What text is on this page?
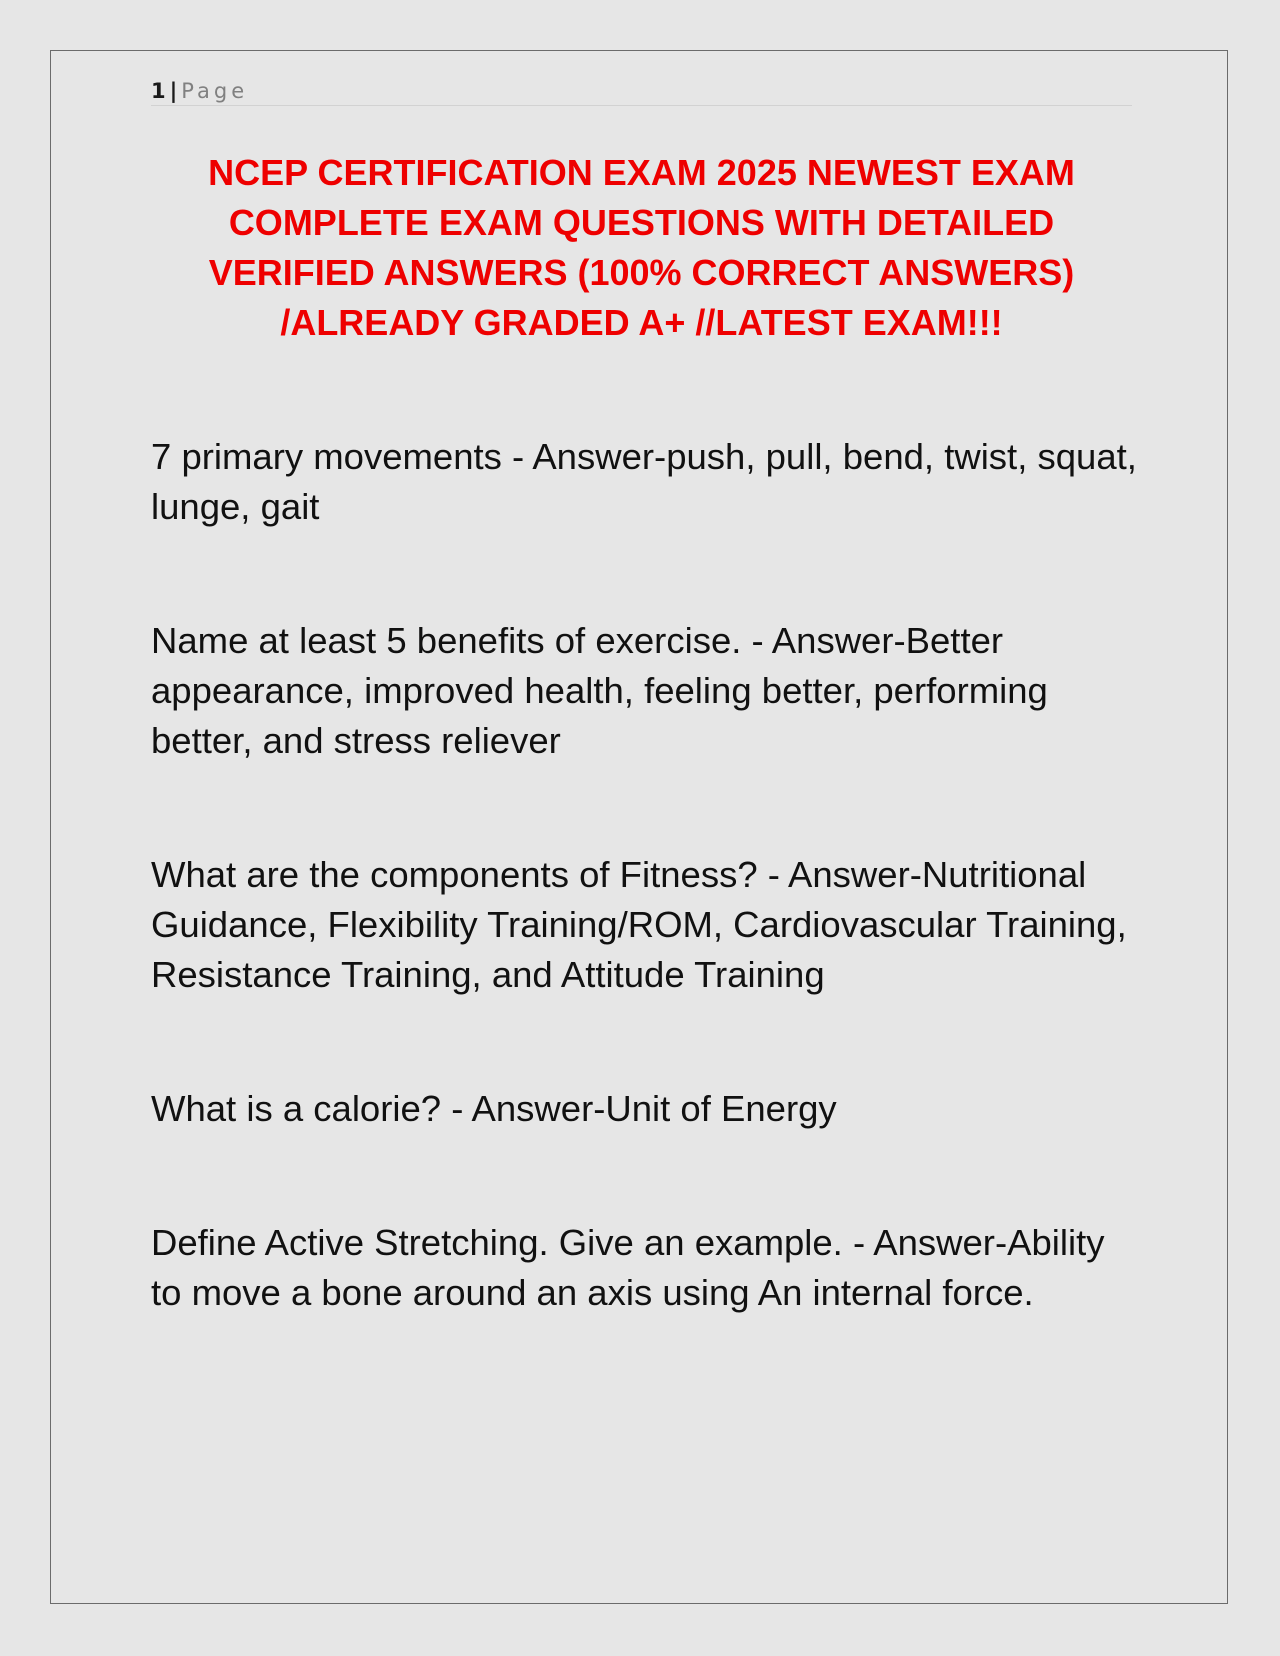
1 | Page
NCEP CERTIFICATION EXAM 2025 NEWEST EXAM COMPLETE EXAM QUESTIONS WITH DETAILED VERIFIED ANSWERS (100% CORRECT ANSWERS) /ALREADY GRADED A+ //LATEST EXAM!!!

7 primary movements - Answer-push, pull, bend, twist, squat, lunge, gait

Name at least 5 benefits of exercise. - Answer-Better appearance, improved health, feeling better, performing better, and stress reliever

What are the components of Fitness? - Answer-Nutritional Guidance, Flexibility Training/ROM, Cardiovascular Training, Resistance Training, and Attitude Training

What is a calorie? - Answer-Unit of Energy

Define Active Stretching. Give an example. - Answer-Ability to move a bone around an axis using An internal force.
